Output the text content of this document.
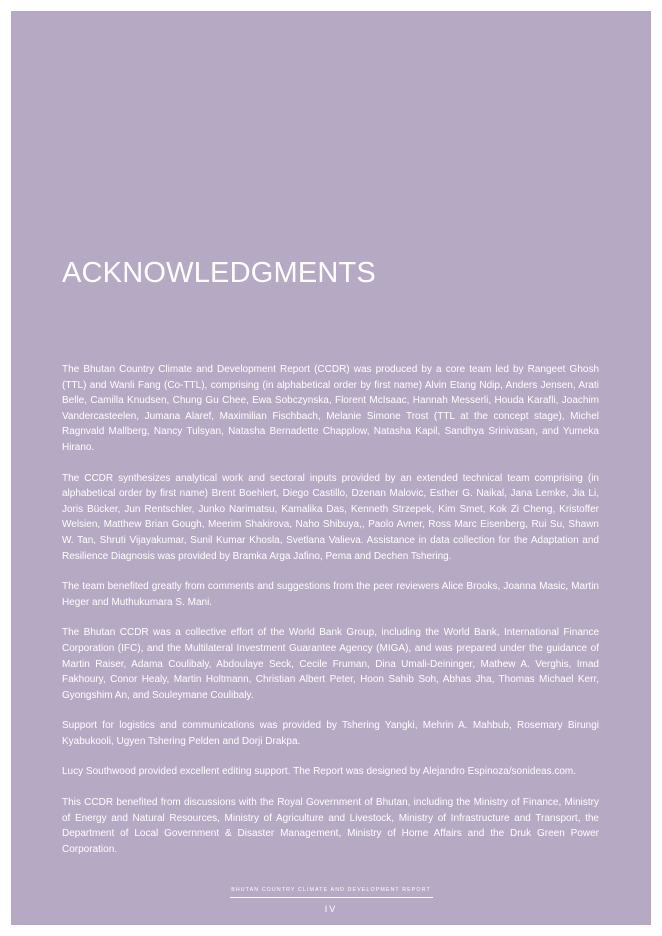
ACKNOWLEDGMENTS

The Bhutan Country Climate and Development Report (CCDR) was produced by a core team led by Rangeet Ghosh (TTL) and Wanli Fang (Co-TTL), comprising (in alphabetical order by first name) Alvin Etang Ndip, Anders Jensen, Arati Belle, Camilla Knudsen, Chung Gu Chee, Ewa Sobczynska, Florent McIsaac, Hannah Messerli, Houda Karafli, Joachim Vandercasteelen, Jumana Alaref, Maximilian Fischbach, Melanie Simone Trost (TTL at the concept stage), Michel Ragnvald Mallberg, Nancy Tulsyan, Natasha Bernadette Chapplow, Natasha Kapil, Sandhya Srinivasan, and Yumeka Hirano.

The CCDR synthesizes analytical work and sectoral inputs provided by an extended technical team comprising (in alphabetical order by first name) Brent Boehlert, Diego Castillo, Dzenan Malovic, Esther G. Naikal, Jana Lemke, Jia Li, Joris Bücker, Jun Rentschler, Junko Narimatsu, Kamalika Das, Kenneth Strzepek, Kim Smet, Kok Zi Cheng, Kristoffer Welsien, Matthew Brian Gough, Meerim Shakirova, Naho Shibuya,, Paolo Avner, Ross Marc Eisenberg, Rui Su, Shawn W. Tan, Shruti Vijayakumar, Sunil Kumar Khosla, Svetlana Valieva. Assistance in data collection for the Adaptation and Resilience Diagnosis was provided by Bramka Arga Jafino, Pema and Dechen Tshering.

The team benefited greatly from comments and suggestions from the peer reviewers Alice Brooks, Joanna Masic, Martin Heger and Muthukumara S. Mani.

The Bhutan CCDR was a collective effort of the World Bank Group, including the World Bank, International Finance Corporation (IFC), and the Multilateral Investment Guarantee Agency (MIGA), and was prepared under the guidance of Martin Raiser, Adama Coulibaly, Abdoulaye Seck, Cecile Fruman, Dina Umali-Deininger, Mathew A. Verghis, Imad Fakhoury, Conor Healy, Martin Holtmann, Christian Albert Peter, Hoon Sahib Soh, Abhas Jha, Thomas Michael Kerr, Gyongshim An, and Souleymane Coulibaly.

Support for logistics and communications was provided by Tshering Yangki, Mehrin A. Mahbub, Rosemary Birungi Kyabukooli, Ugyen Tshering Pelden and Dorji Drakpa.

Lucy Southwood provided excellent editing support. The Report was designed by Alejandro Espinoza/sonideas.com.

This CCDR benefited from discussions with the Royal Government of Bhutan, including the Ministry of Finance, Ministry of Energy and Natural Resources, Ministry of Agriculture and Livestock, Ministry of Infrastructure and Transport, the Department of Local Government & Disaster Management, Ministry of Home Affairs and the Druk Green Power Corporation.

BHUTAN COUNTRY CLIMATE AND DEVELOPMENT REPORT
IV
